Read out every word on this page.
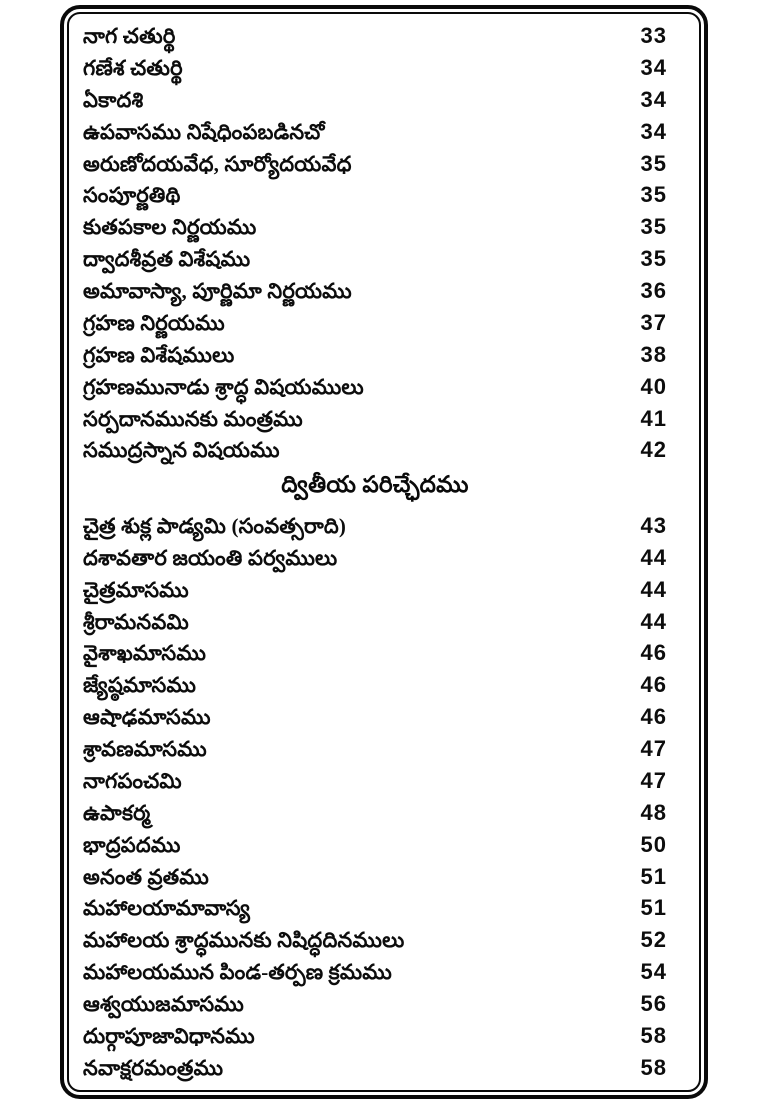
నాగ చతుర్థి	33
గణేశ చతుర్థి	34
ఏకాదశి	34
ఉపవాసము నిషేధింపబడినచో	34
అరుణోదయవేధ, సూర్యోదయవేధ	35
సంపూర్ణతిథి	35
కుతపకాల నిర్ణయము	35
ద్వాదశీవ్రత విశేషము	35
అమావాస్యా, పూర్ణిమా నిర్ణయము	36
గ్రహణ నిర్ణయము	37
గ్రహణ విశేషములు	38
గ్రహణమునాడు శ్రాద్ధ విషయములు	40
సర్పదానమునకు మంత్రము	41
సముద్రస్నాన విషయము	42
ద్వితీయ పరిచ్ఛేదము
చైత్ర శుక్ల పాడ్యమి (సంవత్సరాది)	43
దశావతార జయంతి పర్వములు	44
చైత్రమాసము	44
శ్రీరామనవమి	44
వైశాఖమాసము	46
జ్యేష్ఠమాసము	46
ఆషాఢమాసము	46
శ్రావణమాసము	47
నాగపంచమి	47
ఉపాకర్మ	48
భాద్రపదము	50
అనంత వ్రతము	51
మహాలయామావాస్య	51
మహాలయ శ్రాద్ధమునకు నిషిద్ధదినములు	52
మహాలయమున పిండ-తర్పణ క్రమము	54
ఆశ్వయుజమాసము	56
దుర్గాపూజావిధానము	58
నవాక్షరమంత్రము	58
